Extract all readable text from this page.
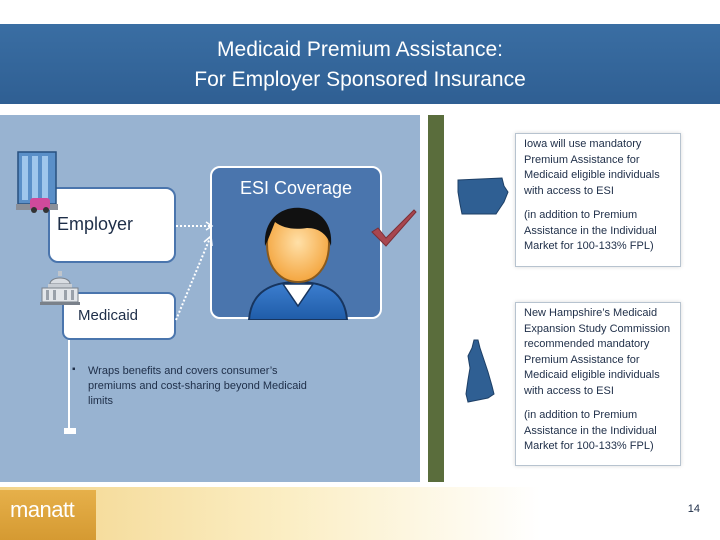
Medicaid Premium Assistance:
For Employer Sponsored Insurance
ESI Coverage
Employer
Medicaid
▪ Wraps benefits and covers consumer’s premiums and cost-sharing beyond Medicaid limits

Iowa will use mandatory Premium Assistance for Medicaid eligible individuals with access to ESI

(in addition to Premium Assistance in the Individual Market for 100-133% FPL)

New Hampshire’s Medicaid Expansion Study Commission recommended mandatory Premium Assistance for Medicaid eligible individuals with access to ESI

(in addition to Premium Assistance in the Individual Market for 100-133% FPL)

manatt	14
